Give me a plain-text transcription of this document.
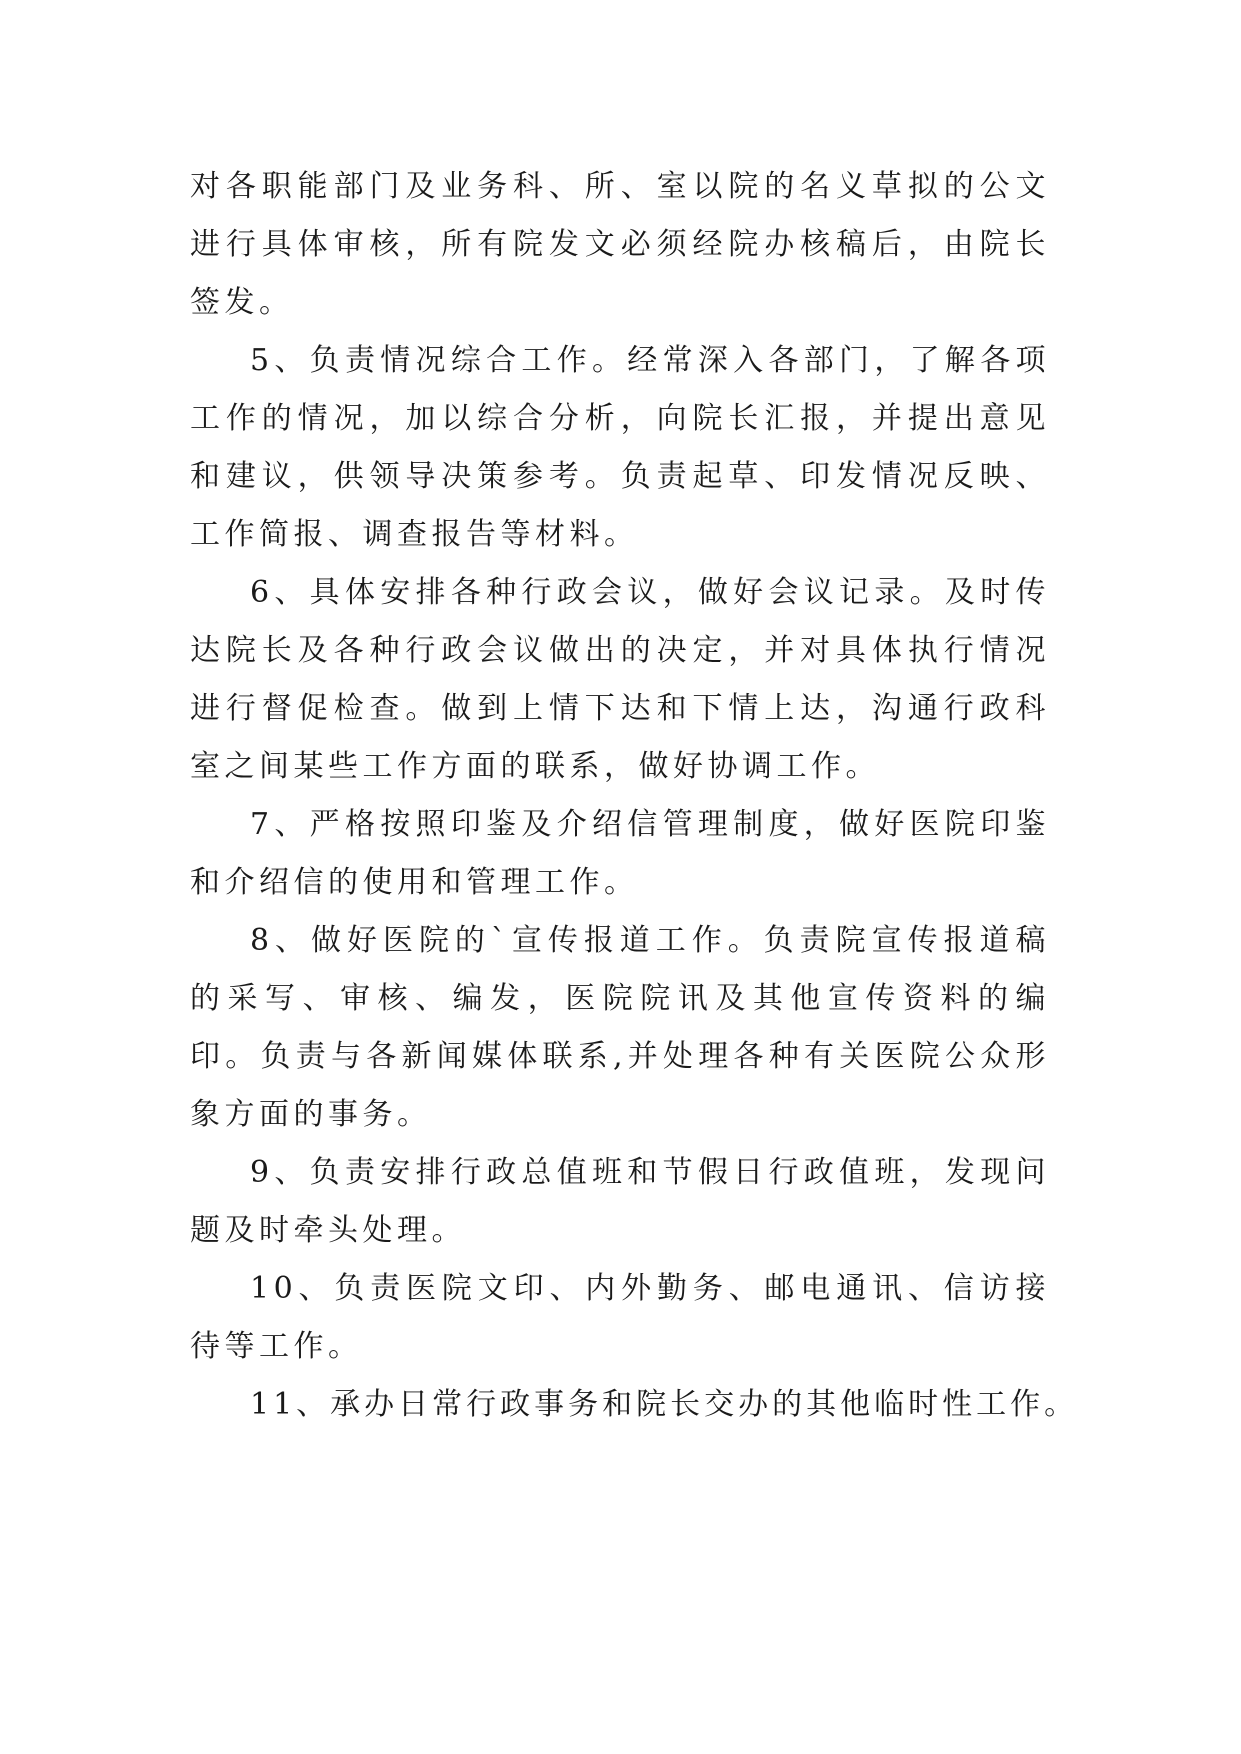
对各职能部门及业务科、所、室以院的名义草拟的公文进行具体审核，所有院发文必须经院办核稿后，由院长签发。

5、负责情况综合工作。经常深入各部门，了解各项工作的情况，加以综合分析，向院长汇报，并提出意见和建议，供领导决策参考。负责起草、印发情况反映、工作简报、调查报告等材料。

6、具体安排各种行政会议，做好会议记录。及时传达院长及各种行政会议做出的决定，并对具体执行情况进行督促检查。做到上情下达和下情上达，沟通行政科室之间某些工作方面的联系，做好协调工作。

7、严格按照印鉴及介绍信管理制度，做好医院印鉴和介绍信的使用和管理工作。

8、做好医院的`宣传报道工作。负责院宣传报道稿的采写、审核、编发，医院院讯及其他宣传资料的编印。负责与各新闻媒体联系,并处理各种有关医院公众形象方面的事务。

9、负责安排行政总值班和节假日行政值班，发现问题及时牵头处理。

10、负责医院文印、内外勤务、邮电通讯、信访接待等工作。

11、承办日常行政事务和院长交办的其他临时性工作。
